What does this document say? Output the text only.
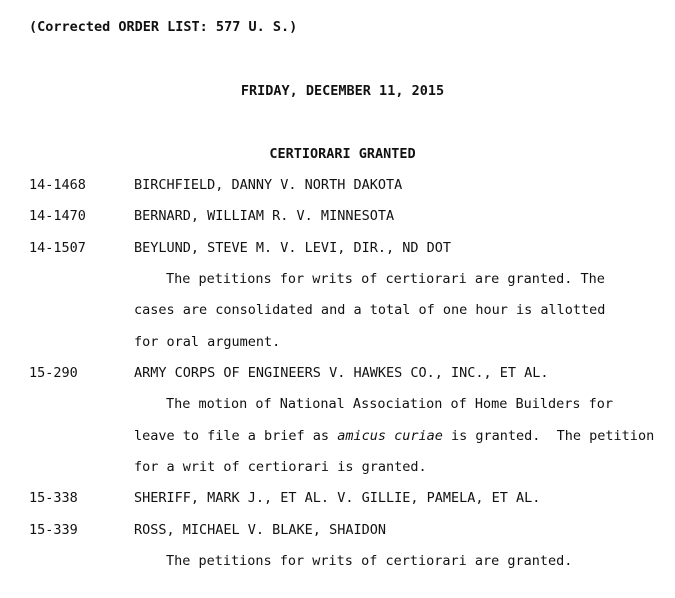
(Corrected ORDER LIST: 577 U. S.)
FRIDAY, DECEMBER 11, 2015
CERTIORARI GRANTED
14-1468	BIRCHFIELD, DANNY V. NORTH DAKOTA
14-1470	BERNARD, WILLIAM R. V. MINNESOTA
14-1507	BEYLUND, STEVE M. V. LEVI, DIR., ND DOT
The petitions for writs of certiorari are granted. The
cases are consolidated and a total of one hour is allotted
for oral argument.
15-290	ARMY CORPS OF ENGINEERS V. HAWKES CO., INC., ET AL.
The motion of National Association of Home Builders for
leave to file a brief as amicus curiae is granted.  The petition
for a writ of certiorari is granted.
15-338	SHERIFF, MARK J., ET AL. V. GILLIE, PAMELA, ET AL.
15-339	ROSS, MICHAEL V. BLAKE, SHAIDON
The petitions for writs of certiorari are granted.
